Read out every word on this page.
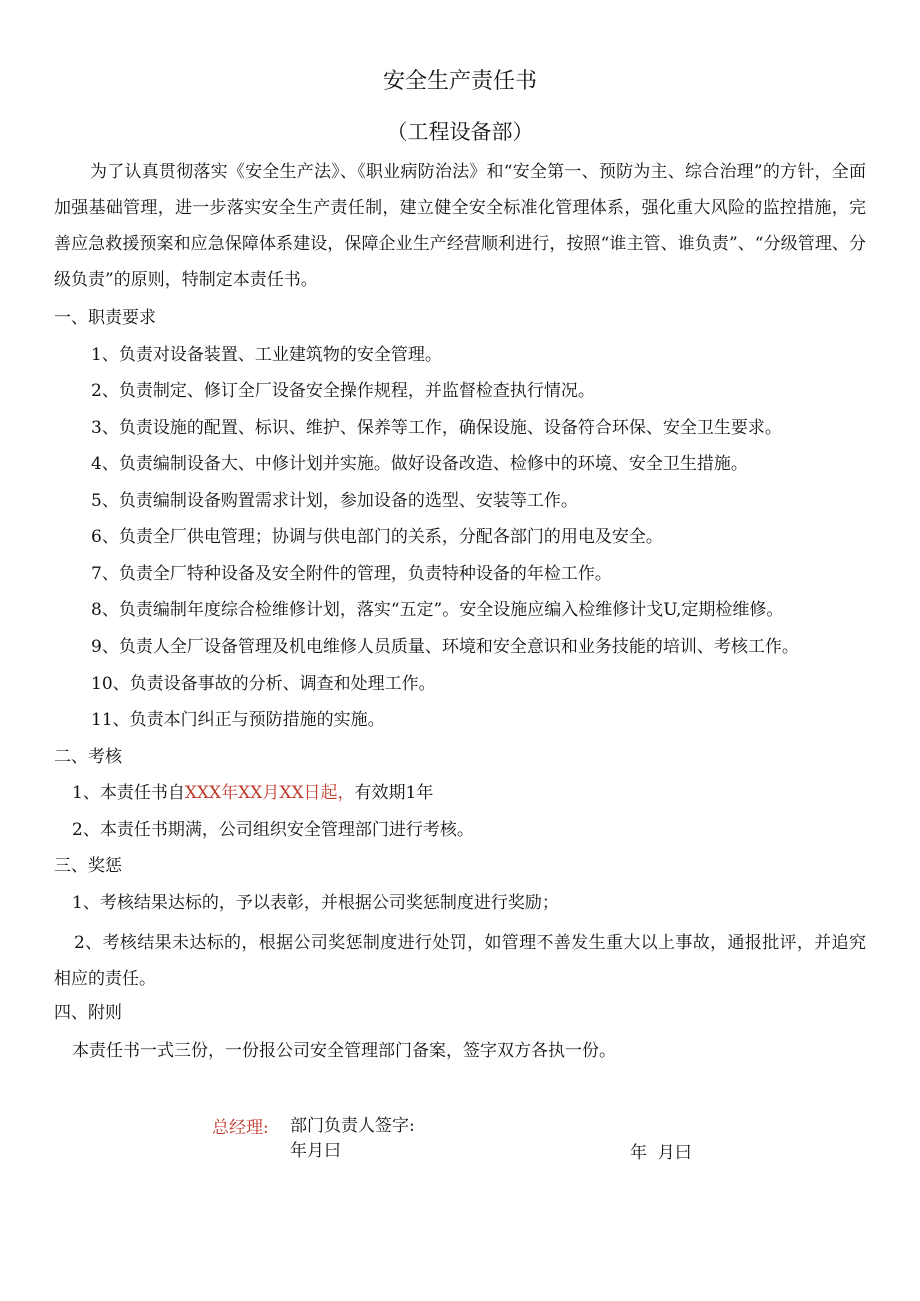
安全生产责任书
（工程设备部）
为了认真贯彻落实《安全生产法》、《职业病防治法》和“安全第一、预防为主、综合治理”的方针，全面加强基础管理，进一步落实安全生产责任制，建立健全安全标准化管理体系，强化重大风险的监控措施，完善应急救援预案和应急保障体系建设，保障企业生产经营顺利进行，按照“谁主管、谁负责”、“分级管理、分级负责”的原则，特制定本责任书。
一、职责要求
1、负责对设备装置、工业建筑物的安全管理。
2、负责制定、修订全厂设备安全操作规程，并监督检查执行情况。
3、负责设施的配置、标识、维护、保养等工作，确保设施、设备符合环保、安全卫生要求。
4、负责编制设备大、中修计划并实施。做好设备改造、检修中的环境、安全卫生措施。
5、负责编制设备购置需求计划，参加设备的选型、安装等工作。
6、负责全厂供电管理；协调与供电部门的关系，分配各部门的用电及安全。
7、负责全厂特种设备及安全附件的管理，负责特种设备的年检工作。
8、负责编制年度综合检维修计划，落实“五定”。安全设施应编入检维修计戈U,定期检维修。
9、负责人全厂设备管理及机电维修人员质量、环境和安全意识和业务技能的培训、考核工作。
10、负责设备事故的分析、调查和处理工作。
11、负责本门纠正与预防措施的实施。
二、考核
1、本责任书自XXX年XX月XX日起，有效期1年
2、本责任书期满，公司组织安全管理部门进行考核。
三、奖惩
1、考核结果达标的，予以表彰，并根据公司奖惩制度进行奖励；
2、考核结果未达标的，根据公司奖惩制度进行处罚，如管理不善发生重大以上事故，通报批评，并追究相应的责任。
四、附则
本责任书一式三份，一份报公司安全管理部门备案，签字双方各执一份。
总经理: 部门负责人签字:
年月曰	年  月曰
